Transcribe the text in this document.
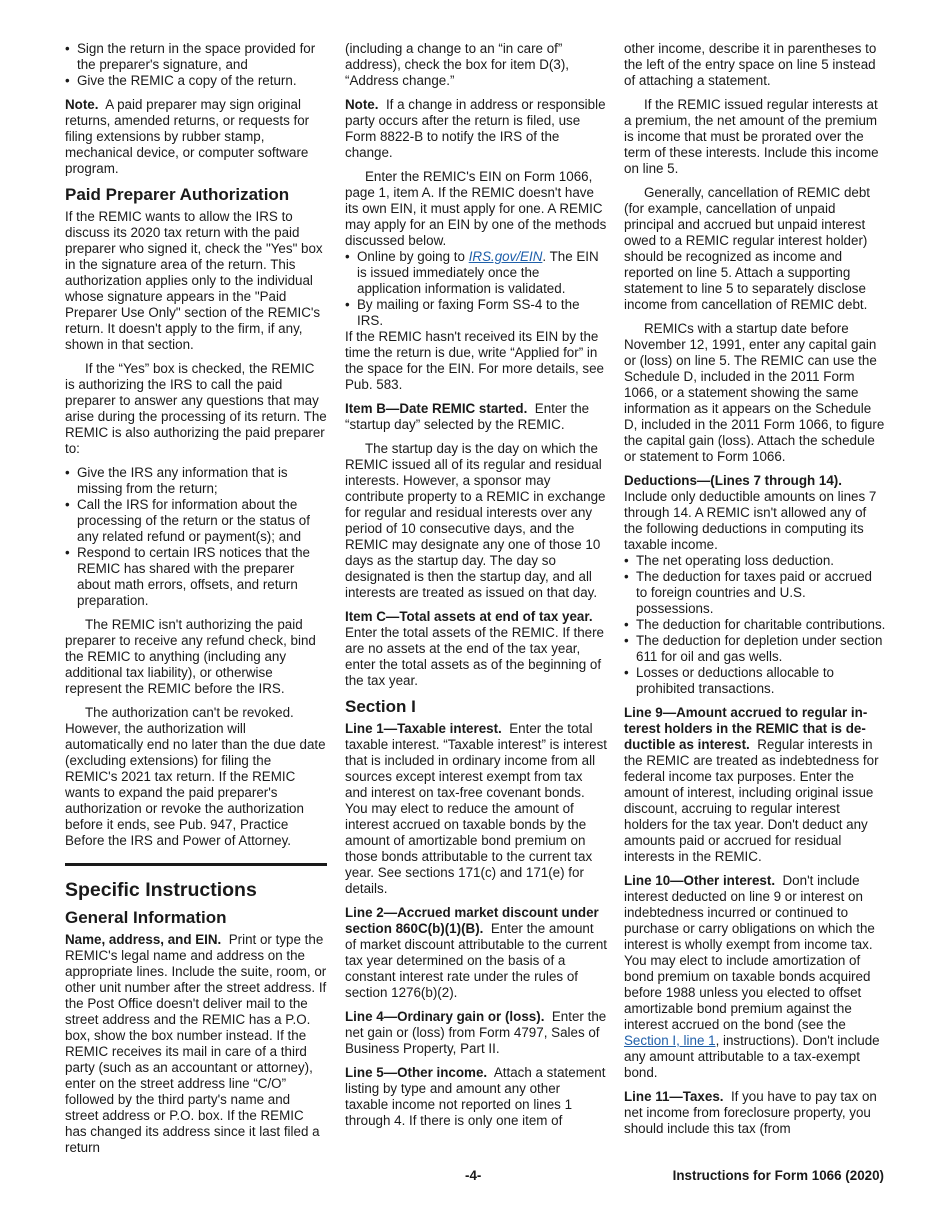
• Sign the return in the space provided for the preparer's signature, and

• Give the REMIC a copy of the return.

Note. A paid preparer may sign original returns, amended returns, or requests for filing extensions by rubber stamp, mechanical device, or computer software program.

Paid Preparer Authorization

If the REMIC wants to allow the IRS to discuss its 2020 tax return with the paid preparer who signed it, check the "Yes" box in the signature area of the return. This authorization applies only to the individual whose signature appears in the "Paid Preparer Use Only" section of the REMIC's return. It doesn't apply to the firm, if any, shown in that section.

If the “Yes” box is checked, the REMIC is authorizing the IRS to call the paid preparer to answer any questions that may arise during the processing of its return. The REMIC is also authorizing the paid preparer to:

• Give the IRS any information that is missing from the return;

• Call the IRS for information about the processing of the return or the status of any related refund or payment(s); and

• Respond to certain IRS notices that the REMIC has shared with the preparer about math errors, offsets, and return preparation.

The REMIC isn't authorizing the paid preparer to receive any refund check, bind the REMIC to anything (including any additional tax liability), or otherwise represent the REMIC before the IRS.

The authorization can't be revoked. However, the authorization will automatically end no later than the due date (excluding extensions) for filing the REMIC's 2021 tax return. If the REMIC wants to expand the paid preparer's authorization or revoke the authorization before it ends, see Pub. 947, Practice Before the IRS and Power of Attorney.

Specific Instructions
General Information

Name, address, and EIN. Print or type the REMIC's legal name and address on the appropriate lines. Include the suite, room, or other unit number after the street address. If the Post Office doesn't deliver mail to the street address and the REMIC has a P.O. box, show the box number instead. If the REMIC receives its mail in care of a third party (such as an accountant or attorney), enter on the street address line “C/O” followed by the third party's name and street address or P.O. box. If the REMIC has changed its address since it last filed a return

(including a change to an “in care of” address), check the box for item D(3), “Address change.”

Note. If a change in address or responsible party occurs after the return is filed, use Form 8822-B to notify the IRS of the change.

Enter the REMIC's EIN on Form 1066, page 1, item A. If the REMIC doesn't have its own EIN, it must apply for one. A REMIC may apply for an EIN by one of the methods discussed below.

• Online by going to IRS.gov/EIN. The EIN is issued immediately once the application information is validated.

• By mailing or faxing Form SS-4 to the IRS.

If the REMIC hasn't received its EIN by the time the return is due, write “Applied for” in the space for the EIN. For more details, see Pub. 583.

Item B—Date REMIC started. Enter the “startup day” selected by the REMIC.

The startup day is the day on which the REMIC issued all of its regular and residual interests. However, a sponsor may contribute property to a REMIC in exchange for regular and residual interests over any period of 10 consecutive days, and the REMIC may designate any one of those 10 days as the startup day. The day so designated is then the startup day, and all interests are treated as issued on that day.

Item C—Total assets at end of tax year.  Enter the total assets of the REMIC. If there are no assets at the end of the tax year, enter the total assets as of the beginning of the tax year.

Section I

Line 1—Taxable interest. Enter the total taxable interest. “Taxable interest” is interest that is included in ordinary income from all sources except interest exempt from tax and interest on tax-free covenant bonds. You may elect to reduce the amount of interest accrued on taxable bonds by the amount of amortizable bond premium on those bonds attributable to the current tax year. See sections 171(c) and 171(e) for details.

Line 2—Accrued market discount under section 860C(b)(1)(B). Enter the amount of market discount attributable to the current tax year determined on the basis of a constant interest rate under the rules of section 1276(b)(2).

Line 4—Ordinary gain or (loss). Enter the net gain or (loss) from Form 4797, Sales of Business Property, Part II.

Line 5—Other income. Attach a statement listing by type and amount any other taxable income not reported on lines 1 through 4. If there is only one item of

other income, describe it in parentheses to the left of the entry space on line 5 instead of attaching a statement.

If the REMIC issued regular interests at a premium, the net amount of the premium is income that must be prorated over the term of these interests. Include this income on line 5.

Generally, cancellation of REMIC debt (for example, cancellation of unpaid principal and accrued but unpaid interest owed to a REMIC regular interest holder) should be recognized as income and reported on line 5. Attach a supporting statement to line 5 to separately disclose income from cancellation of REMIC debt.

REMICs with a startup date before November 12, 1991, enter any capital gain or (loss) on line 5. The REMIC can use the Schedule D, included in the 2011 Form 1066, or a statement showing the same information as it appears on the Schedule D, included in the 2011 Form 1066, to figure the capital gain (loss). Attach the schedule or statement to Form 1066.

Deductions—(Lines 7 through 14). Include only deductible amounts on lines 7 through 14. A REMIC isn't allowed any of the following deductions in computing its taxable income.

• The net operating loss deduction.

• The deduction for taxes paid or accrued to foreign countries and U.S. possessions.

• The deduction for charitable contributions.

• The deduction for depletion under section 611 for oil and gas wells.

• Losses or deductions allocable to prohibited transactions.

Line 9—Amount accrued to regular interest holders in the REMIC that is deductible as interest. Regular interests in the REMIC are treated as indebtedness for federal income tax purposes. Enter the amount of interest, including original issue discount, accruing to regular interest holders for the tax year. Don't deduct any amounts paid or accrued for residual interests in the REMIC.

Line 10—Other interest. Don't include interest deducted on line 9 or interest on indebtedness incurred or continued to purchase or carry obligations on which the interest is wholly exempt from income tax. You may elect to include amortization of bond premium on taxable bonds acquired before 1988 unless you elected to offset amortizable bond premium against the interest accrued on the bond (see the Section I, line 1, instructions). Don't include any amount attributable to a tax-exempt bond.

Line 11—Taxes. If you have to pay tax on net income from foreclosure property, you should include this tax (from

-4-	Instructions for Form 1066 (2020)
